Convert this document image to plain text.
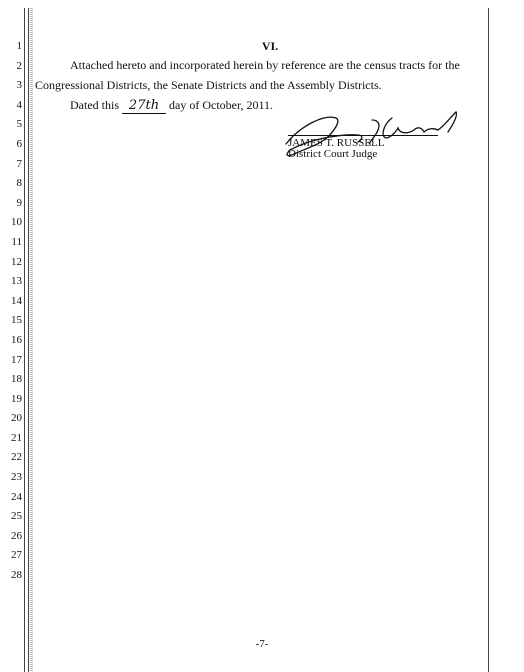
1
2
3
4
5
6
7
8
9
10
11
12
13
14
15
16
17
18
19
20
21
22
23
24
25
26
27
28
VI.
Attached hereto and incorporated herein by reference are the census tracts for the
Congressional Districts, the Senate Districts and the Assembly Districts.
Dated this 27th day of October, 2011.
JAMES T. RUSSELL
District Court Judge
-7-
